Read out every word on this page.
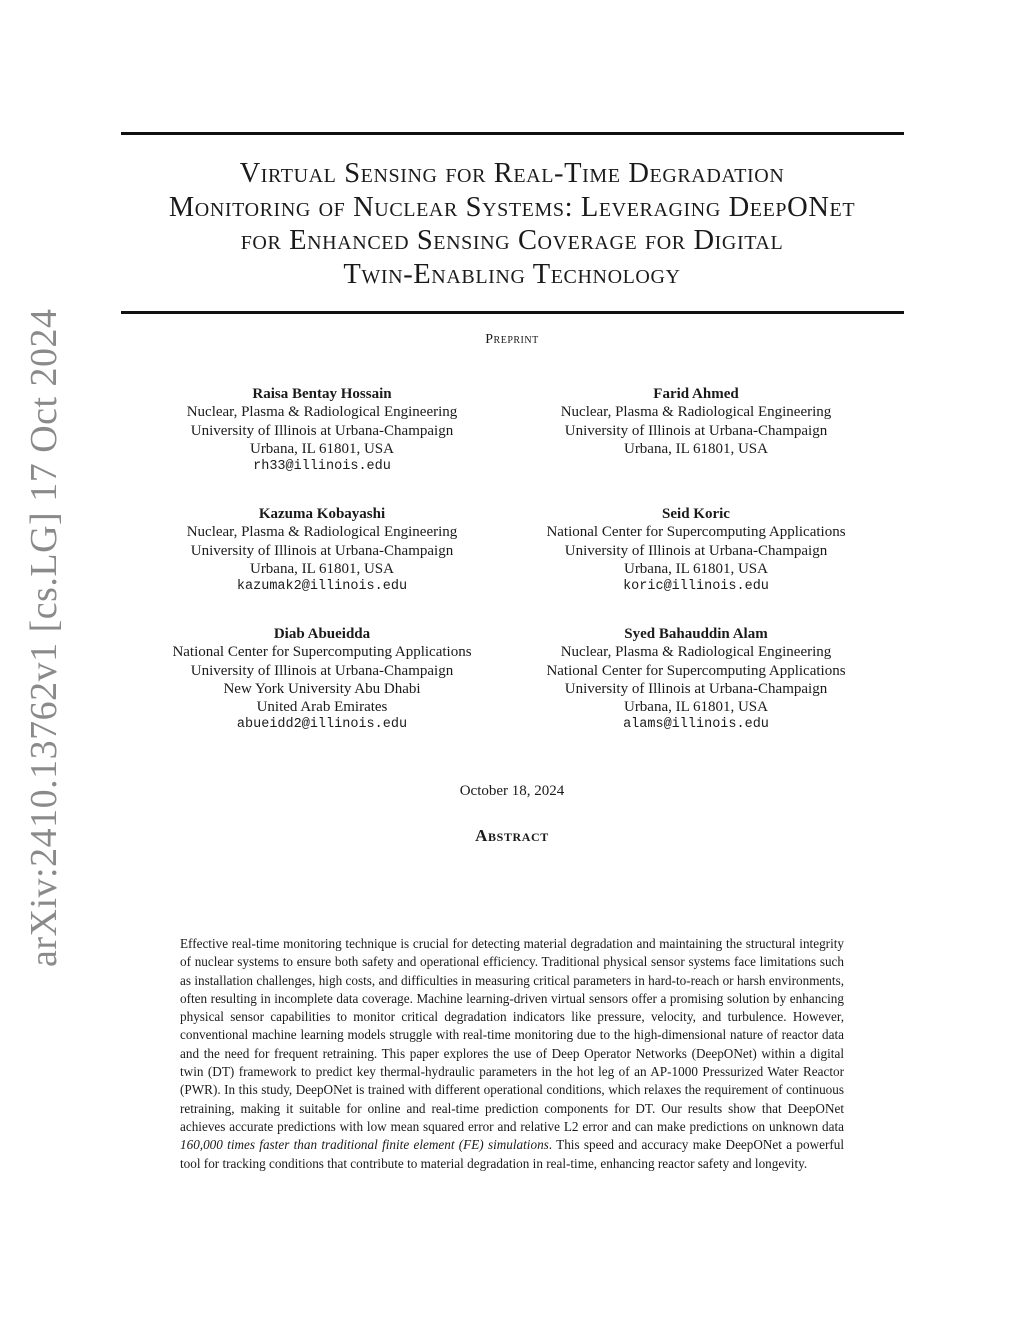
arXiv:2410.13762v1 [cs.LG] 17 Oct 2024
Virtual Sensing for Real-Time Degradation
Monitoring of Nuclear Systems: Leveraging DeepONet
for Enhanced Sensing Coverage for Digital
Twin-Enabling Technology
Preprint
Raisa Bentay Hossain
Nuclear, Plasma & Radiological Engineering
University of Illinois at Urbana-Champaign
Urbana, IL 61801, USA
rh33@illinois.edu
Farid Ahmed
Nuclear, Plasma & Radiological Engineering
University of Illinois at Urbana-Champaign
Urbana, IL 61801, USA
Kazuma Kobayashi
Nuclear, Plasma & Radiological Engineering
University of Illinois at Urbana-Champaign
Urbana, IL 61801, USA
kazumak2@illinois.edu
Seid Koric
National Center for Supercomputing Applications
University of Illinois at Urbana-Champaign
Urbana, IL 61801, USA
koric@illinois.edu
Diab Abueidda
National Center for Supercomputing Applications
University of Illinois at Urbana-Champaign
New York University Abu Dhabi
United Arab Emirates
abueidd2@illinois.edu
Syed Bahauddin Alam
Nuclear, Plasma & Radiological Engineering
National Center for Supercomputing Applications
University of Illinois at Urbana-Champaign
Urbana, IL 61801, USA
alams@illinois.edu
October 18, 2024
Abstract

Effective real-time monitoring technique is crucial for detecting material degradation and maintaining the structural integrity of nuclear systems to ensure both safety and operational efficiency. Traditional physical sensor systems face limitations such as installation challenges, high costs, and difficulties in measuring critical parameters in hard-to-reach or harsh environments, often resulting in incomplete data coverage. Machine learning-driven virtual sensors offer a promising solution by enhancing physical sensor capabilities to monitor critical degradation indicators like pressure, velocity, and turbulence. However, conventional machine learning models struggle with real-time monitoring due to the high-dimensional nature of reactor data and the need for frequent retraining. This paper explores the use of Deep Operator Networks (DeepONet) within a digital twin (DT) framework to predict key thermal-hydraulic parameters in the hot leg of an AP-1000 Pressurized Water Reactor (PWR). In this study, DeepONet is trained with different operational conditions, which relaxes the requirement of continuous retraining, making it suitable for online and real-time prediction components for DT. Our results show that DeepONet achieves accurate predictions with low mean squared error and relative L2 error and can make predictions on unknown data 160,000 times faster than traditional finite element (FE) simulations. This speed and accuracy make DeepONet a powerful tool for tracking conditions that contribute to material degradation in real-time, enhancing reactor safety and longevity.
